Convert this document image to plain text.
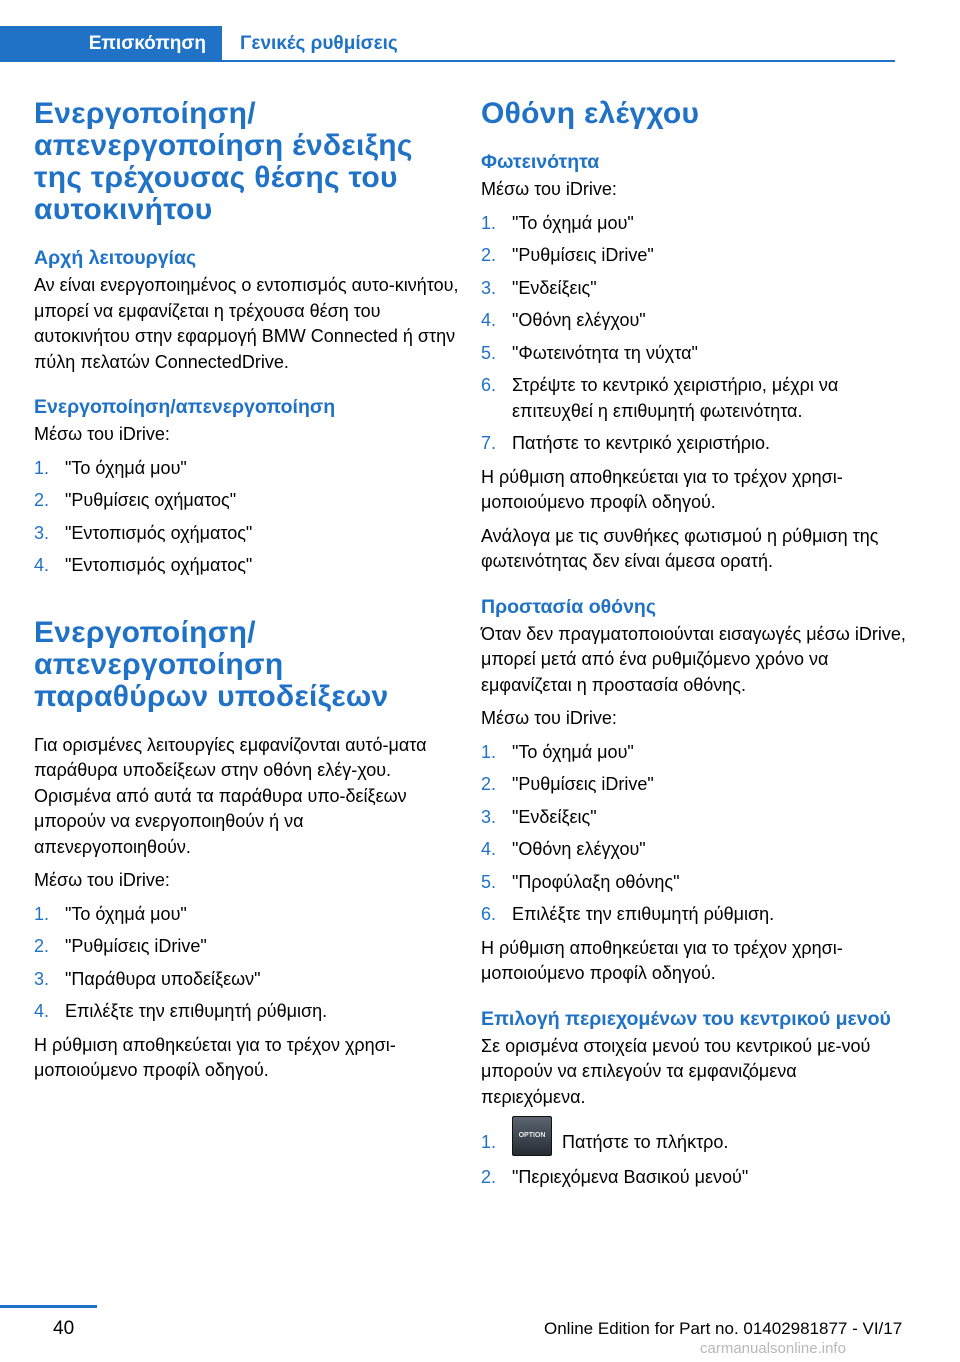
Επισκόπηση	Γενικές ρυθμίσεις
Ενεργοποίηση/ απενεργοποίηση ένδειξης της τρέχουσας θέσης του αυτοκινήτου
Αρχή λειτουργίας

Αν είναι ενεργοποιημένος ο εντοπισμός αυτο-κινήτου, μπορεί να εμφανίζεται η τρέχουσα θέση του αυτοκινήτου στην εφαρμογή BMW Connected ή στην πύλη πελατών ConnectedDrive.

Ενεργοποίηση/απενεργοποίηση

Μέσω του iDrive:

1. "Το όχημά μου"
2. "Ρυθμίσεις οχήματος"
3. "Εντοπισμός οχήματος"
4. "Εντοπισμός οχήματος"
Ενεργοποίηση/ απενεργοποίηση παραθύρων υποδείξεων

Για ορισμένες λειτουργίες εμφανίζονται αυτό-ματα παράθυρα υποδείξεων στην οθόνη ελέγ-χου. Ορισμένα από αυτά τα παράθυρα υπο-δείξεων μπορούν να ενεργοποιηθούν ή να απενεργοποιηθούν.

Μέσω του iDrive:

1. "Το όχημά μου"
2. "Ρυθμίσεις iDrive"
3. "Παράθυρα υποδείξεων"
4. Επιλέξτε την επιθυμητή ρύθμιση.

Η ρύθμιση αποθηκεύεται για το τρέχον χρησι-μοποιούμενο προφίλ οδηγού.

Οθόνη ελέγχου
Φωτεινότητα

Μέσω του iDrive:

1. "Το όχημά μου"
2. "Ρυθμίσεις iDrive"
3. "Ενδείξεις"
4. "Οθόνη ελέγχου"
5. "Φωτεινότητα τη νύχτα"
6. Στρέψτε το κεντρικό χειριστήριο, μέχρι να επιτευχθεί η επιθυμητή φωτεινότητα.
7. Πατήστε το κεντρικό χειριστήριο.

Η ρύθμιση αποθηκεύεται για το τρέχον χρησι-μοποιούμενο προφίλ οδηγού.

Ανάλογα με τις συνθήκες φωτισμού η ρύθμιση της φωτεινότητας δεν είναι άμεσα ορατή.

Προστασία οθόνης

Όταν δεν πραγματοποιούνται εισαγωγές μέσω iDrive, μπορεί μετά από ένα ρυθμιζόμενο χρόνο να εμφανίζεται η προστασία οθόνης.

Μέσω του iDrive:

1. "Το όχημά μου"
2. "Ρυθμίσεις iDrive"
3. "Ενδείξεις"
4. "Οθόνη ελέγχου"
5. "Προφύλαξη οθόνης"
6. Επιλέξτε την επιθυμητή ρύθμιση.

Η ρύθμιση αποθηκεύεται για το τρέχον χρησι-μοποιούμενο προφίλ οδηγού.

Επιλογή περιεχομένων του κεντρικού μενού

Σε ορισμένα στοιχεία μενού του κεντρικού με-νού μπορούν να επιλεγούν τα εμφανιζόμενα περιεχόμενα.

1.	OPTION Πατήστε το πλήκτρο.
2. "Περιεχόμενα Βασικού μενού"
40	Online Edition for Part no. 01402981877 - VI/17
carmanualsonline.info
